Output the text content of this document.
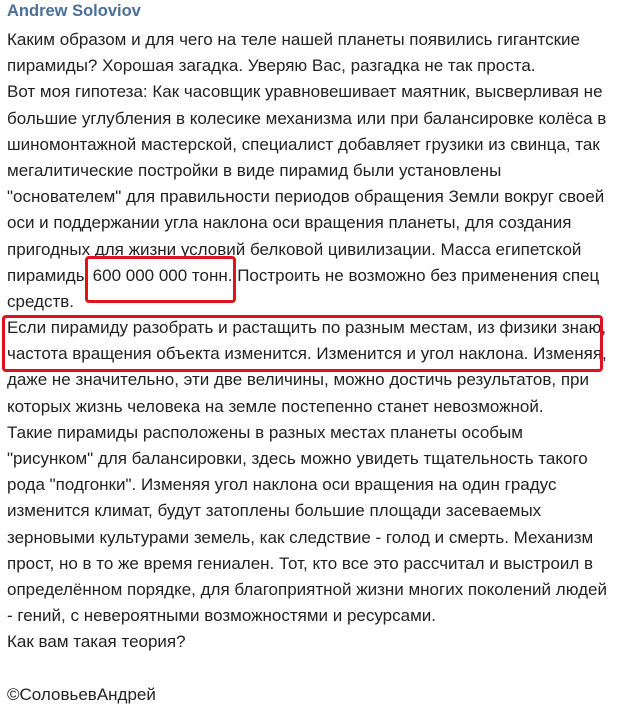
Andrew Soloviov
Каким образом и для чего на теле нашей планеты появились гигантские
пирамиды? Хорошая загадка. Уверяю Вас, разгадка не так проста.
Вот моя гипотеза: Как часовщик уравновешивает маятник, высверливая не
большие углубления в колесике механизма или при балансировке колёса в
шиномонтажной мастерской, специалист добавляет грузики из свинца, так
мегалитические постройки в виде пирамид были установлены
"основателем" для правильности периодов обращения Земли вокруг своей
оси и поддержании угла наклона оси вращения планеты, для создания
пригодных для жизни условий белковой цивилизации. Масса египетской
пирамиды 600 000 000 тонн. Построить не возможно без применения спец
средств.
Если пирамиду разобрать и растащить по разным местам, из физики знаю,
частота вращения объекта изменится. Изменится и угол наклона. Изменяя,
даже не значительно, эти две величины, можно достичь результатов, при
которых жизнь человека на земле постепенно станет невозможной.
Такие пирамиды расположены в разных местах планеты особым
"рисунком" для балансировки, здесь можно увидеть тщательность такого
рода "подгонки". Изменяя угол наклона оси вращения на один градус
изменится климат, будут затоплены большие площади засеваемых
зерновыми культурами земель, как следствие - голод и смерть. Механизм
прост, но в то же время гениален. Тот, кто все это рассчитал и выстроил в
определённом порядке, для благоприятной жизни многих поколений людей
- гений, с невероятными возможностями и ресурсами.
Как вам такая теория?
©СоловьевАндрей
